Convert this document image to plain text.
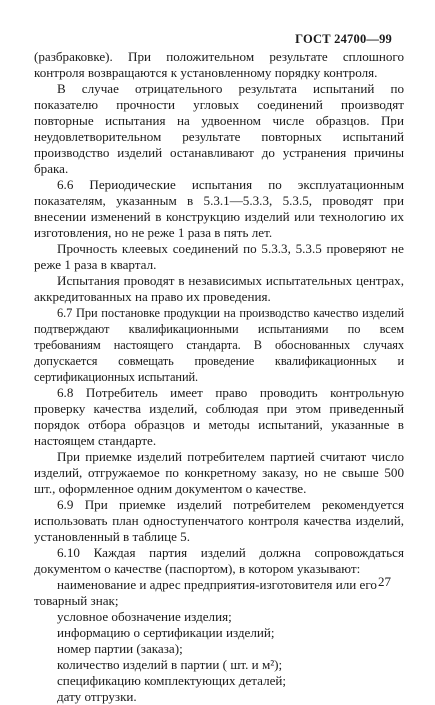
ГОСТ 24700—99

(разбраковке). При положительном результате сплошного контроля возвращаются к установленному порядку контроля.

В случае отрицательного результата испытаний по показателю прочности угловых соединений производят повторные испытания на удвоенном числе образцов. При неудовлетворительном результате повторных испытаний производство изделий останавливают до устранения причины брака.

6.6 Периодические испытания по эксплуатационным показателям, указанным в 5.3.1—5.3.3, 5.3.5, проводят при внесении изменений в конструкцию изделий или технологию их изготовления, но не реже 1 раза в пять лет.

Прочность клеевых соединений по 5.3.3, 5.3.5 проверяют не реже 1 раза в квартал.

Испытания проводят в независимых испытательных центрах, аккредитованных на право их проведения.

6.7 При постановке продукции на производство качество изделий подтверждают квалификационными испытаниями по всем требованиям настоящего стандарта. В обоснованных случаях допускается совмещать проведение квалификационных и сертификационных испытаний.

6.8 Потребитель имеет право проводить контрольную проверку качества изделий, соблюдая при этом приведенный порядок отбора образцов и методы испытаний, указанные в настоящем стандарте.

При приемке изделий потребителем партией считают число изделий, отгружаемое по конкретному заказу, но не свыше 500 шт., оформленное одним документом о качестве.

6.9 При приемке изделий потребителем рекомендуется использовать план одноступенчатого контроля качества изделий, установленный в таблице 5.

6.10 Каждая партия изделий должна сопровождаться документом о качестве (паспортом), в котором указывают:

наименование и адрес предприятия-изготовителя или его товарный знак;

условное обозначение изделия;

информацию о сертификации изделий;

номер партии (заказа);

количество изделий в партии ( шт. и м²);

спецификацию комплектующих деталей;

дату отгрузки.

27
